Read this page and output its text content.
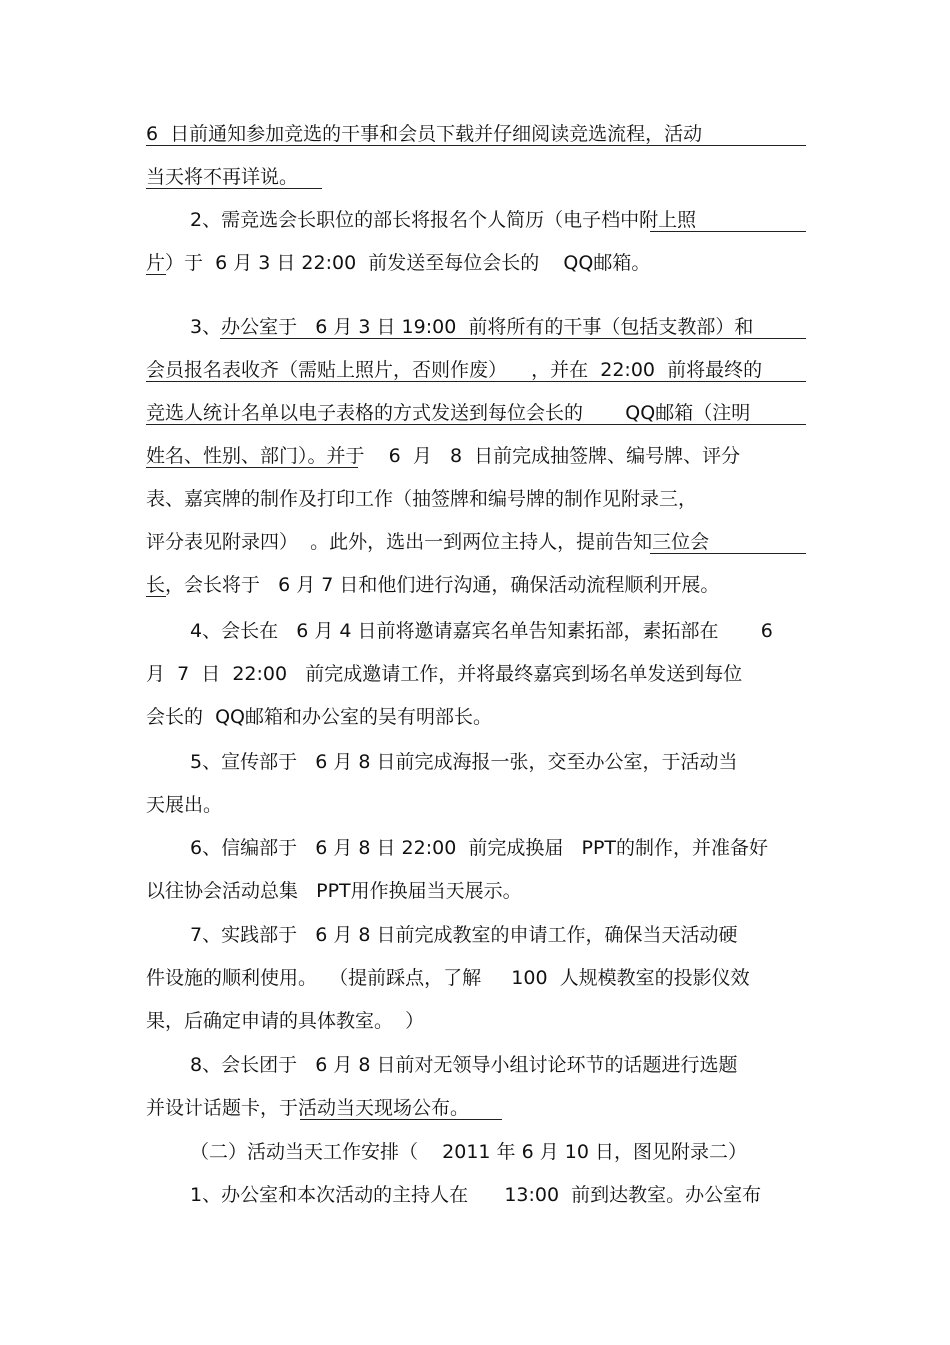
6  日前通知参加竞选的干事和会员下载并仔细阅读竞选流程，活动
当天将不再详说。
2、需竞选会长职位的部长将报名个人简历（电子档中附上照
片）于  6 月 3 日 22:00  前发送至每位会长的    QQ邮箱。
3、办公室于   6 月 3 日 19:00  前将所有的干事（包括支教部）和
会员报名表收齐（需贴上照片，否则作废）    ，并在  22:00  前将最终的
竞选人统计名单以电子表格的方式发送到每位会长的       QQ邮箱（注明
姓名、性别、部门）。并于    6  月   8  日前完成抽签牌、编号牌、评分
表、嘉宾牌的制作及打印工作（抽签牌和编号牌的制作见附录三，
评分表见附录四）  。此外，选出一到两位主持人，提前告知三位会
长，会长将于   6 月 7 日和他们进行沟通，确保活动流程顺利开展。
4、会长在   6 月 4 日前将邀请嘉宾名单告知素拓部，素拓部在       6
月  7  日  22:00   前完成邀请工作，并将最终嘉宾到场名单发送到每位
会长的  QQ邮箱和办公室的吴有明部长。
5、宣传部于   6 月 8 日前完成海报一张，交至办公室，于活动当
天展出。
6、信编部于   6 月 8 日 22:00  前完成换届   PPT的制作，并准备好
以往协会活动总集   PPT用作换届当天展示。
7、实践部于   6 月 8 日前完成教室的申请工作，确保当天活动硬
件设施的顺利使用。  （提前踩点，了解     100  人规模教室的投影仪效
果，后确定申请的具体教室。  ）
8、会长团于   6 月 8 日前对无领导小组讨论环节的话题进行选题
并设计话题卡，于活动当天现场公布。
（二）活动当天工作安排（    2011 年 6 月 10 日，图见附录二）
1、办公室和本次活动的主持人在      13:00  前到达教室。办公室布
